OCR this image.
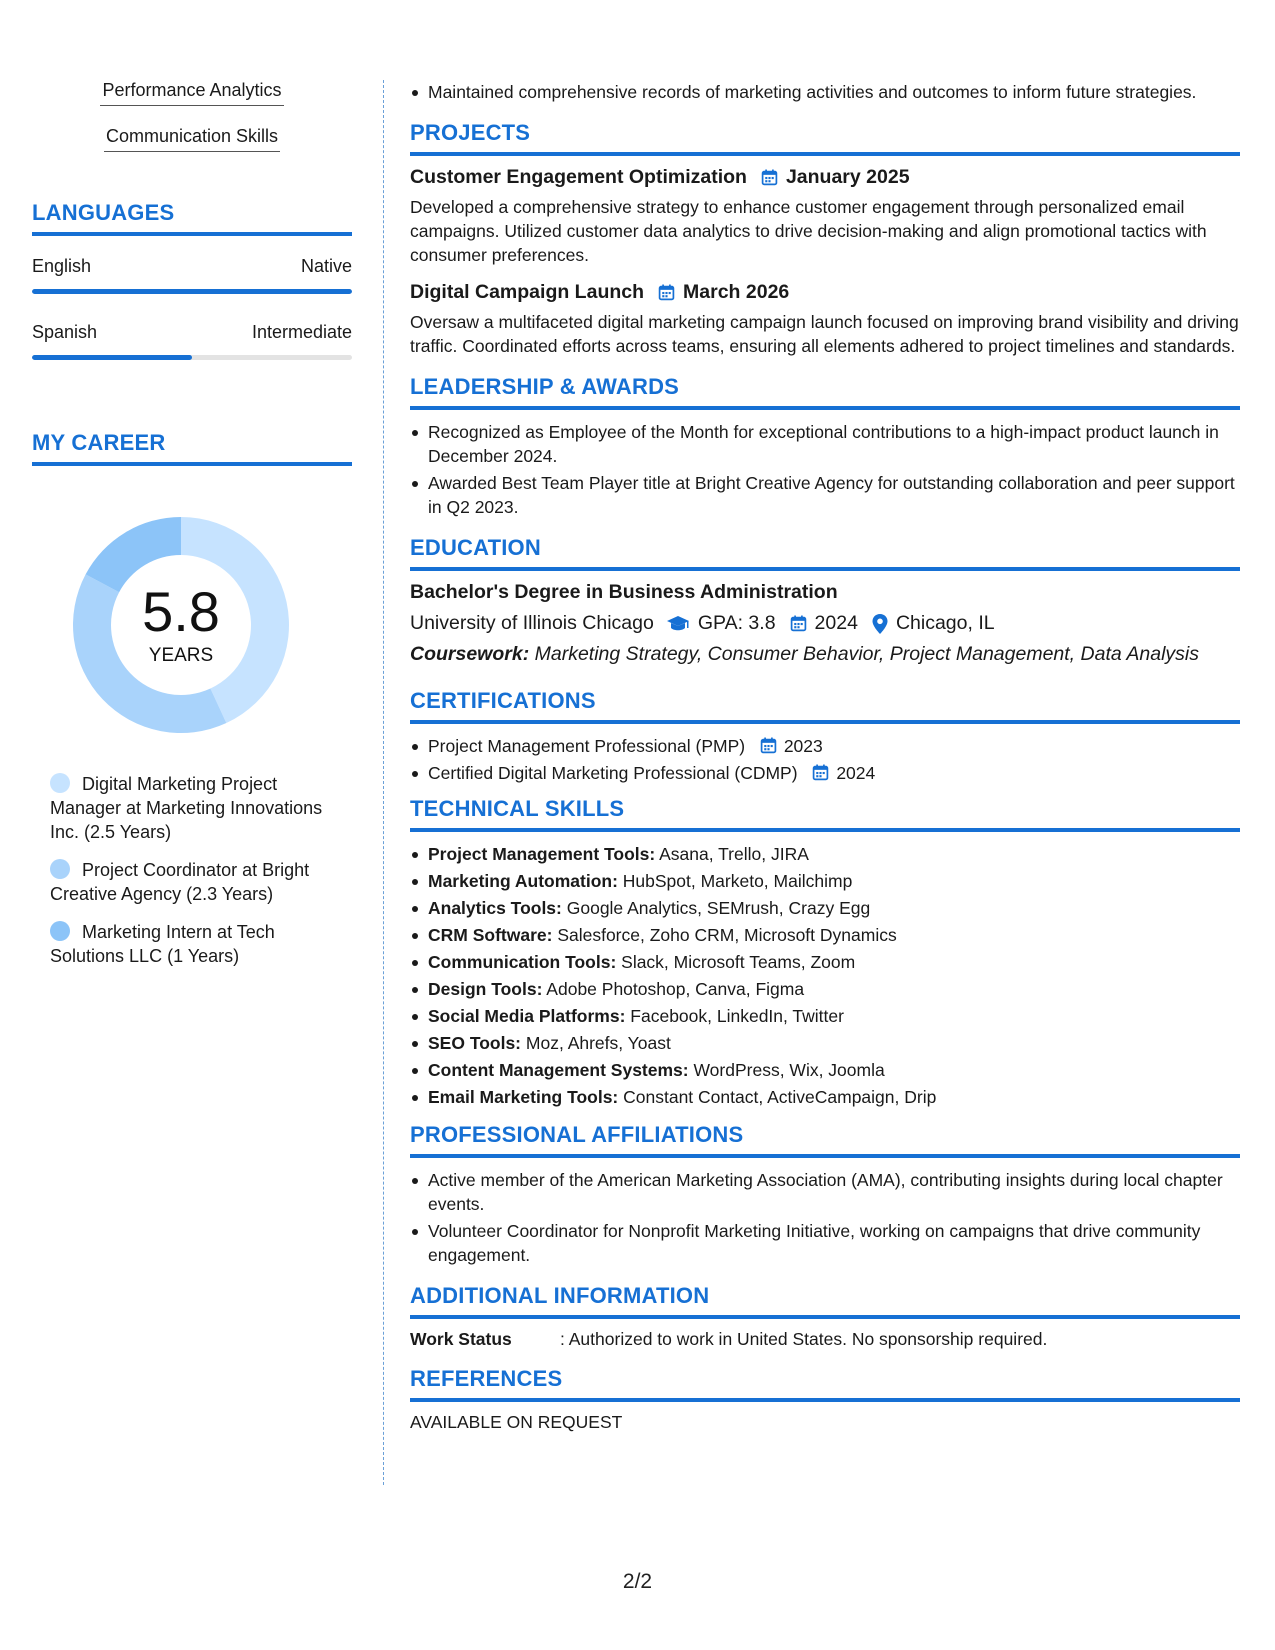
Performance Analytics
Communication Skills
LANGUAGES
English	Native
Spanish	Intermediate
MY CAREER
5.8
YEARS
Digital Marketing Project Manager at Marketing Innovations Inc. (2.5 Years)
Project Coordinator at Bright Creative Agency (2.3 Years)
Marketing Intern at Tech Solutions LLC (1 Years)
Maintained comprehensive records of marketing activities and outcomes to inform future strategies.
PROJECTS
Customer Engagement Optimization January 2025
Developed a comprehensive strategy to enhance customer engagement through personalized email campaigns. Utilized customer data analytics to drive decision-making and align promotional tactics with consumer preferences.
Digital Campaign Launch March 2026
Oversaw a multifaceted digital marketing campaign launch focused on improving brand visibility and driving traffic. Coordinated efforts across teams, ensuring all elements adhered to project timelines and standards.
LEADERSHIP & AWARDS
Recognized as Employee of the Month for exceptional contributions to a high-impact product launch in December 2024.
Awarded Best Team Player title at Bright Creative Agency for outstanding collaboration and peer support in Q2 2023.
EDUCATION
Bachelor's Degree in Business Administration
University of Illinois Chicago GPA: 3.8 2024 Chicago, IL
Coursework: Marketing Strategy, Consumer Behavior, Project Management, Data Analysis
CERTIFICATIONS
Project Management Professional (PMP) 2023
Certified Digital Marketing Professional (CDMP) 2024
TECHNICAL SKILLS
Project Management Tools: Asana, Trello, JIRA
Marketing Automation: HubSpot, Marketo, Mailchimp
Analytics Tools: Google Analytics, SEMrush, Crazy Egg
CRM Software: Salesforce, Zoho CRM, Microsoft Dynamics
Communication Tools: Slack, Microsoft Teams, Zoom
Design Tools: Adobe Photoshop, Canva, Figma
Social Media Platforms: Facebook, LinkedIn, Twitter
SEO Tools: Moz, Ahrefs, Yoast
Content Management Systems: WordPress, Wix, Joomla
Email Marketing Tools: Constant Contact, ActiveCampaign, Drip
PROFESSIONAL AFFILIATIONS
Active member of the American Marketing Association (AMA), contributing insights during local chapter events.
Volunteer Coordinator for Nonprofit Marketing Initiative, working on campaigns that drive community engagement.
ADDITIONAL INFORMATION
Work Status	: Authorized to work in United States. No sponsorship required.
REFERENCES
AVAILABLE ON REQUEST
2/2
